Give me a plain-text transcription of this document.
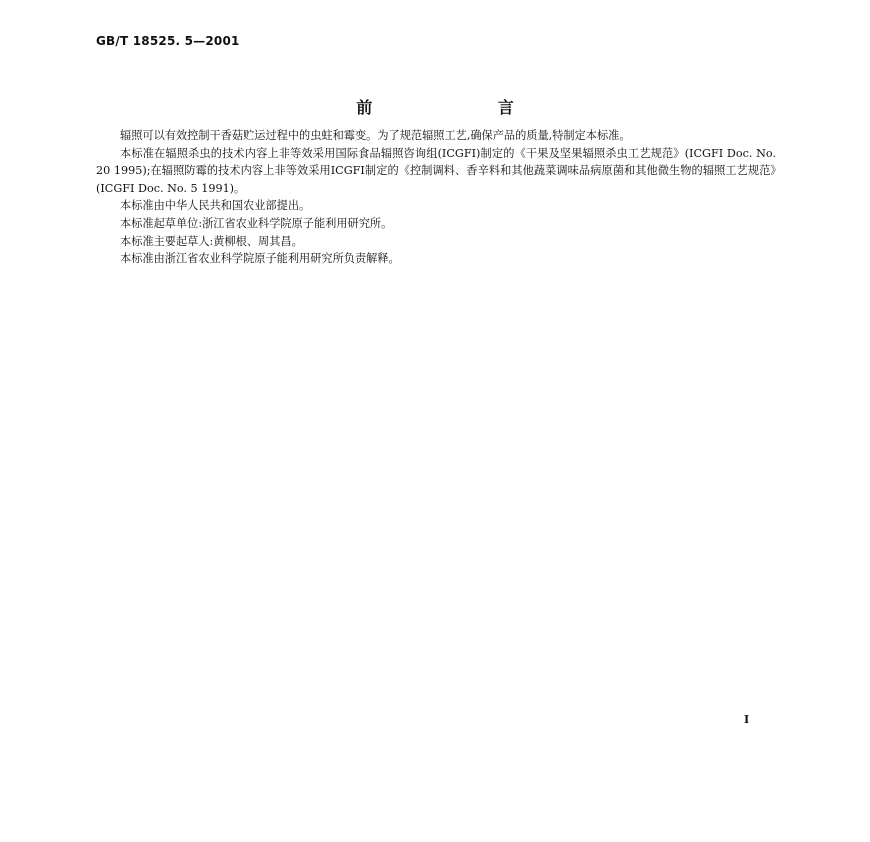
GB/T 18525. 5—2001
前 言

辐照可以有效控制干香菇贮运过程中的虫蛀和霉变。为了规范辐照工艺,确保产品的质量,特制定本标准。

本标准在辐照杀虫的技术内容上非等效采用国际食品辐照咨询组(ICGFI)制定的《干果及坚果辐照杀虫工艺规范》(ICGFI Doc. No. 20 1995);在辐照防霉的技术内容上非等效采用ICGFI制定的《控制调料、香辛料和其他蔬菜调味品病原菌和其他微生物的辐照工艺规范》(ICGFI Doc. No. 5 1991)。

本标准由中华人民共和国农业部提出。

本标准起草单位:浙江省农业科学院原子能利用研究所。

本标准主要起草人:黄柳根、周其昌。

本标准由浙江省农业科学院原子能利用研究所负责解释。

I
